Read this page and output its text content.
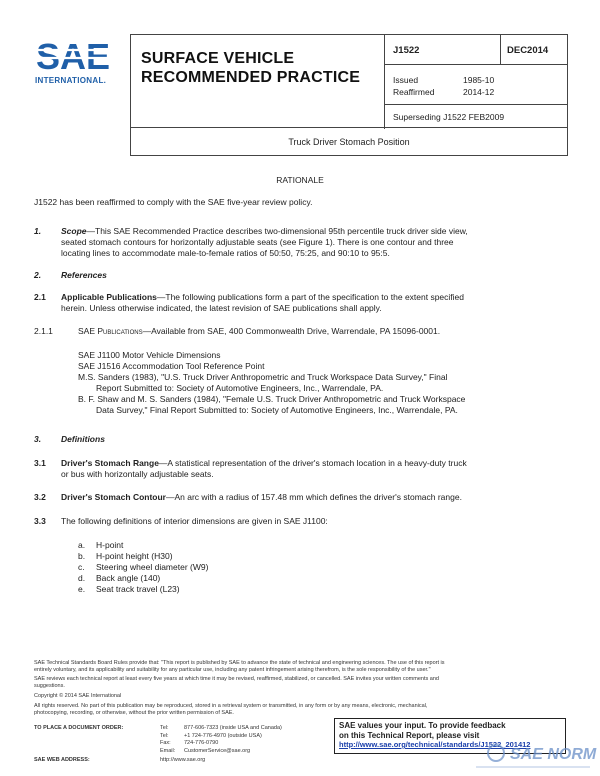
SAE
INTERNATIONAL.
SURFACE VEHICLE
RECOMMENDED PRACTICE
J1522	DEC2014
Issued	1985-10
Reaffirmed	2014-12
Superseding J1522 FEB2009
Truck Driver Stomach Position
RATIONALE
J1522 has been reaffirmed to comply with the SAE five-year review policy.
1. Scope—This SAE Recommended Practice describes two-dimensional 95th percentile truck driver side view,
seated stomach contours for horizontally adjustable seats (see Figure 1). There is one contour and three
locating lines to accommodate male-to-female ratios of 50:50, 75:25, and 90:10 to 95:5.
2. References
2.1 Applicable Publications—The following publications form a part of the specification to the extent specified
herein. Unless otherwise indicated, the latest revision of SAE publications shall apply.
2.1.1	SAE Publications—Available from SAE, 400 Commonwealth Drive, Warrendale, PA 15096-0001.
SAE J1100 Motor Vehicle Dimensions
SAE J1516 Accommodation Tool Reference Point
M.S. Sanders (1983), "U.S. Truck Driver Anthropometric and Truck Workspace Data Survey," Final
Report Submitted to: Society of Automotive Engineers, Inc., Warrendale, PA.
B. F. Shaw and M. S. Sanders (1984), "Female U.S. Truck Driver Anthropometric and Truck Workspace
Data Survey," Final Report Submitted to: Society of Automotive Engineers, Inc., Warrendale, PA.
3. Definitions
3.1 Driver's Stomach Range—A statistical representation of the driver's stomach location in a heavy-duty truck
or bus with horizontally adjustable seats.
3.2 Driver's Stomach Contour—An arc with a radius of 157.48 mm which defines the driver's stomach range.
3.3 The following definitions of interior dimensions are given in SAE J1100:
a. H-point
b. H-point height (H30)
c. Steering wheel diameter (W9)
d. Back angle (140)
e. Seat track travel (L23)
SAE Technical Standards Board Rules provide that: "This report is published by SAE to advance the state of technical and engineering sciences. The use of this report is
entirely voluntary, and its applicability and suitability for any particular use, including any patent infringement arising therefrom, is the sole responsibility of the user."
SAE reviews each technical report at least every five years at which time it may be revised, reaffirmed, stabilized, or cancelled. SAE invites your written comments and
suggestions.
Copyright © 2014 SAE International
All rights reserved. No part of this publication may be reproduced, stored in a retrieval system or transmitted, in any form or by any means, electronic, mechanical,
photocopying, recording, or otherwise, without the prior written permission of SAE.
TO PLACE A DOCUMENT ORDER:	Tel:	877-606-7323 (inside USA and Canada)
Tel:	+1 724-776-4970 (outside USA)
Fax: 724-776-0790
Email: CustomerService@sae.org
SAE WEB ADDRESS:	http://www.sae.org
SAE values your input. To provide feedback
on this Technical Report, please visit
http://www.sae.org/technical/standards/J1522_201412
SAE NORM
